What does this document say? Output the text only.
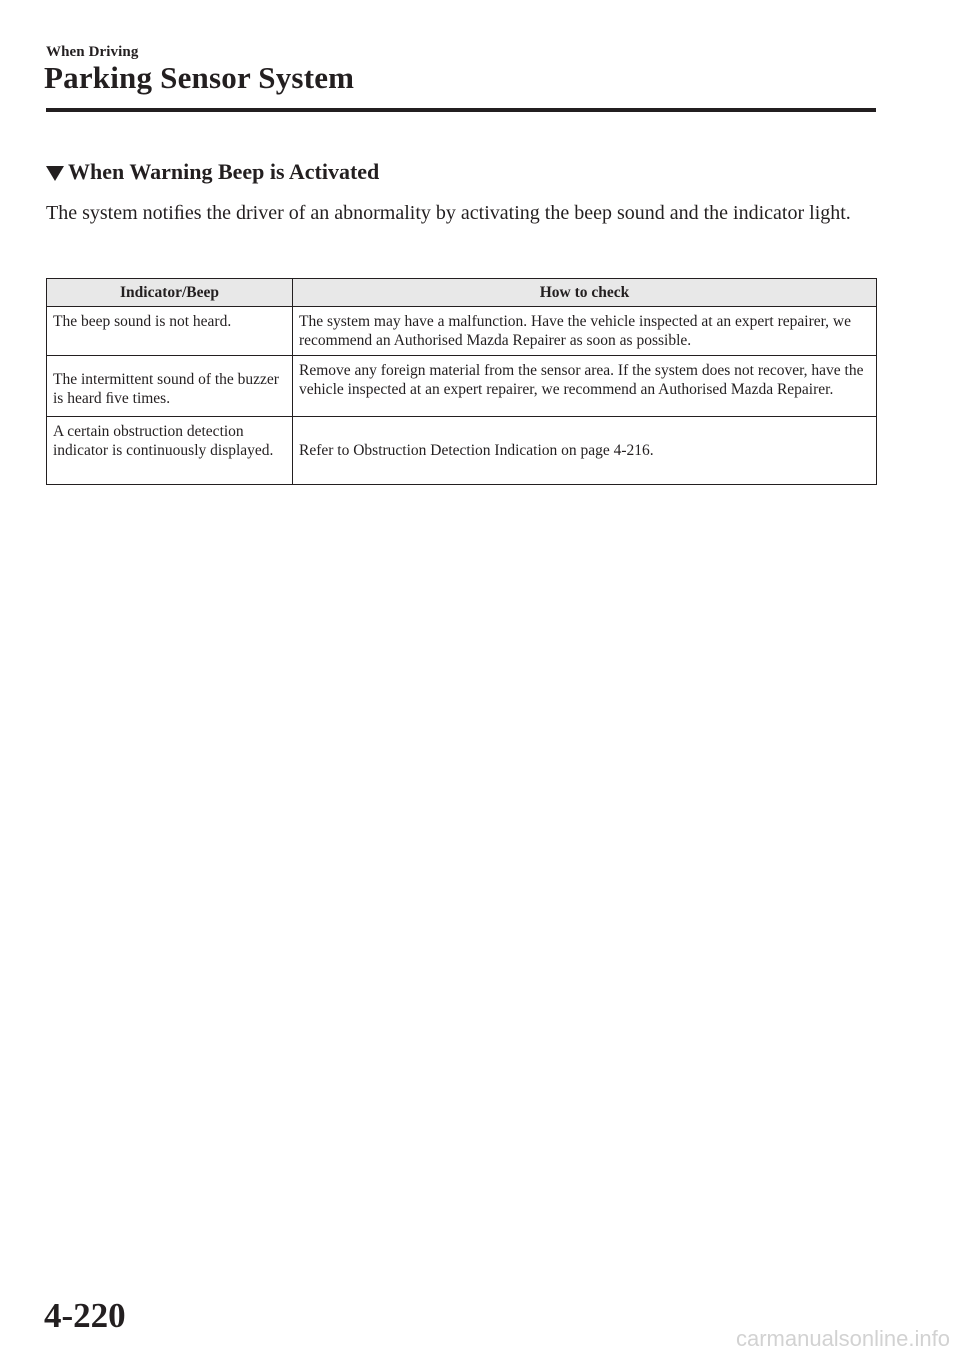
When Driving
Parking Sensor System
When Warning Beep is Activated
The system notiﬁes the driver of an abnormality by activating the beep sound and the indicator light.
Indicator/Beep	How to check
The beep sound is not heard.	The system may have a malfunction. Have the vehicle inspected at an expert repairer, we recommend an Authorised Mazda Repairer as soon as possible.
The intermittent sound of the buzzer is heard ﬁve times.	Remove any foreign material from the sensor area. If the system does not recover, have the vehicle inspected at an expert repairer, we recommend an Authorised Mazda Repairer.
A certain obstruction detection indicator is continuously displayed.	Refer to Obstruction Detection Indication on page 4-216.
4-220
carmanualsonline.info
